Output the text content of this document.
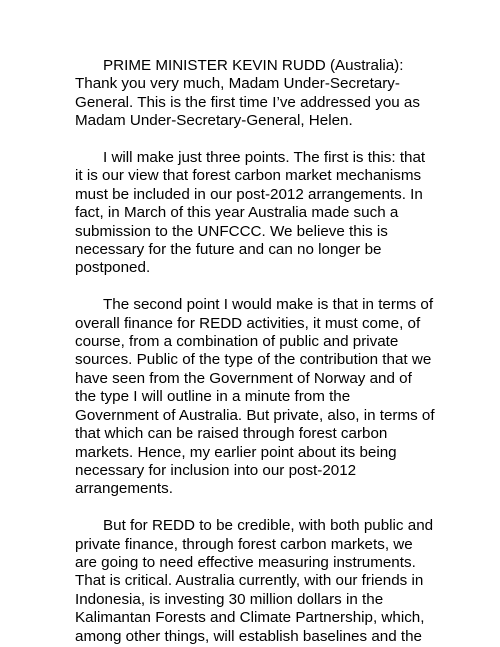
PRIME MINISTER KEVIN RUDD (Australia): Thank you very much, Madam Under-Secretary-General. This is the first time I’ve addressed you as Madam Under-Secretary-General, Helen.

I will make just three points. The first is this: that it is our view that forest carbon market mechanisms must be included in our post-2012 arrangements. In fact, in March of this year Australia made such a submission to the UNFCCC. We believe this is necessary for the future and can no longer be postponed.

The second point I would make is that in terms of overall finance for REDD activities, it must come, of course, from a combination of public and private sources. Public of the type of the contribution that we have seen from the Government of Norway and of the type I will outline in a minute from the Government of Australia. But private, also, in terms of that which can be raised through forest carbon markets. Hence, my earlier point about its being necessary for inclusion into our post-2012 arrangements.

But for REDD to be credible, with both public and private finance, through forest carbon markets, we are going to need effective measuring instruments. That is critical. Australia currently, with our friends in Indonesia, is investing 30 million dollars in the Kalimantan Forests and Climate Partnership, which, among other things, will establish baselines and the
